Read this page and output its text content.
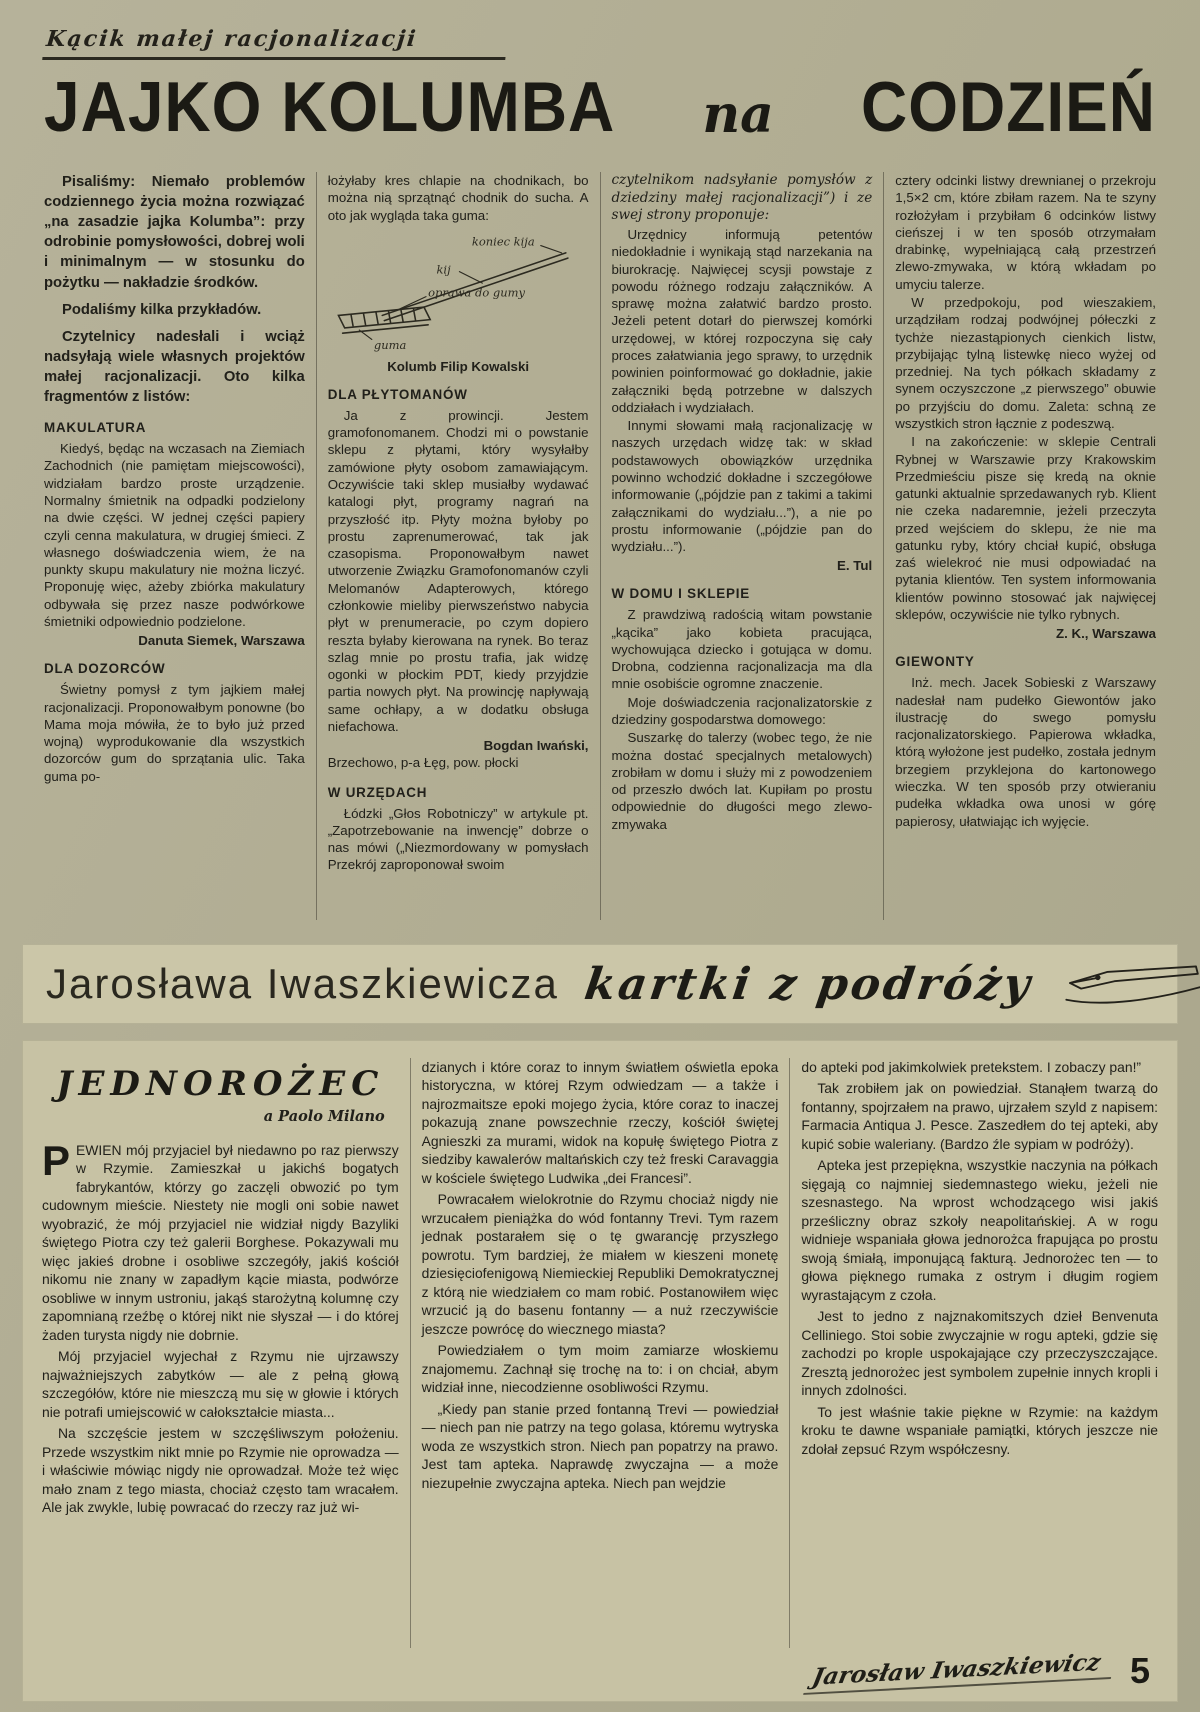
Kącik małej racjonalizacji
JAJKO KOLUMBA na CODZIEŃ

Pisaliśmy: Niemało problemów codziennego życia można rozwiązać „na zasadzie jajka Kolumba”: przy odrobinie pomysłowości, dobrej woli i minimalnym — w stosunku do pożytku — nakładzie środków.

Podaliśmy kilka przykładów.

Czytelnicy nadesłali i wciąż nadsyłają wiele własnych projektów małej racjonalizacji. Oto kilka fragmentów z listów:

MAKULATURA

Kiedyś, będąc na wczasach na Ziemiach Zachodnich (nie pamiętam miejscowości), widziałam bardzo proste urządzenie. Normalny śmietnik na odpadki podzielony na dwie części. W jednej części papiery czyli cenna makulatura, w drugiej śmieci. Z własnego doświadczenia wiem, że na punkty skupu makulatury nie można liczyć. Proponuję więc, ażeby zbiórka makulatury odbywała się przez nasze podwórkowe śmietniki odpowiednio podzielone.

Danuta Siemek, Warszawa

DLA DOZORCÓW

Świetny pomysł z tym jajkiem małej racjonalizacji. Proponowałbym ponowne (bo Mama moja mówiła, że to było już przed wojną) wyprodukowanie dla wszystkich dozorców gum do sprzątania ulic. Taka guma po-

łożyłaby kres chlapie na chodnikach, bo można nią sprzątnąć chodnik do sucha. A oto jak wygląda taka guma:

koniec kija
kij
oprawa do gumy
guma

Kolumb Filip Kowalski

DLA PŁYTOMANÓW

Ja z prowincji. Jestem gramofonomanem. Chodzi mi o powstanie sklepu z płytami, który wysyłałby zamówione płyty osobom zamawiającym. Oczywiście taki sklep musiałby wydawać katalogi płyt, programy nagrań na przyszłość itp. Płyty można byłoby po prostu zaprenumerować, tak jak czasopisma. Proponowałbym nawet utworzenie Związku Gramofonomanów czyli Melomanów Adapterowych, którego członkowie mieliby pierwszeństwo nabycia płyt w prenumeracie, po czym dopiero reszta byłaby kierowana na rynek. Bo teraz szlag mnie po prostu trafia, jak widzę ogonki w płockim PDT, kiedy przyjdzie partia nowych płyt. Na prowincję napływają same ochłapy, a w dodatku obsługa niefachowa.

Bogdan Iwański,

Brzechowo, p-a Łęg, pow. płocki

W URZĘDACH

Łódzki „Głos Robotniczy” w artykule pt. „Zapotrzebowanie na inwencję” dobrze o nas mówi („Niezmordowany w pomysłach Przekrój zaproponował swoim

czytelnikom nadsyłanie pomysłów z dziedziny małej racjonalizacji”) i ze swej strony proponuje:

Urzędnicy informują petentów niedokładnie i wynikają stąd narzekania na biurokrację. Najwięcej scysji powstaje z powodu różnego rodzaju załączników. A sprawę można załatwić bardzo prosto. Jeżeli petent dotarł do pierwszej komórki urzędowej, w której rozpoczyna się cały proces załatwiania jego sprawy, to urzędnik powinien poinformować go dokładnie, jakie załączniki będą potrzebne w dalszych oddziałach i wydziałach.

Innymi słowami małą racjonalizację w naszych urzędach widzę tak: w skład podstawowych obowiązków urzędnika powinno wchodzić dokładne i szczegółowe informowanie („pójdzie pan z takimi a takimi załącznikami do wydziału...”), a nie po prostu informowanie („pójdzie pan do wydziału...”).

E. Tul

W DOMU I SKLEPIE

Z prawdziwą radością witam powstanie „kącika” jako kobieta pracująca, wychowująca dziecko i gotująca w domu. Drobna, codzienna racjonalizacja ma dla mnie osobiście ogromne znaczenie.

Moje doświadczenia racjonalizatorskie z dziedziny gospodarstwa domowego:

Suszarkę do talerzy (wobec tego, że nie można dostać specjalnych metalowych) zrobiłam w domu i służy mi z powodzeniem od przeszło dwóch lat. Kupiłam po prostu odpowiednie do długości mego zlewo-zmywaka

cztery odcinki listwy drewnianej o przekroju 1,5×2 cm, które zbiłam razem. Na te szyny rozłożyłam i przybiłam 6 odcinków listwy cieńszej i w ten sposób otrzymałam drabinkę, wypełniającą całą przestrzeń zlewo-zmywaka, w którą wkładam po umyciu talerze.

W przedpokoju, pod wieszakiem, urządziłam rodzaj podwójnej półeczki z tychże niezastąpionych cienkich listw, przybijając tylną listewkę nieco wyżej od przedniej. Na tych półkach składamy z synem oczyszczone „z pierwszego” obuwie po przyjściu do domu. Zaleta: schną ze wszystkich stron łącznie z podeszwą.

I na zakończenie: w sklepie Centrali Rybnej w Warszawie przy Krakowskim Przedmieściu pisze się kredą na oknie gatunki aktualnie sprzedawanych ryb. Klient nie czeka nadaremnie, jeżeli przeczyta przed wejściem do sklepu, że nie ma gatunku ryby, który chciał kupić, obsługa zaś wielekroć nie musi odpowiadać na pytania klientów. Ten system informowania klientów powinno stosować jak najwięcej sklepów, oczywiście nie tylko rybnych.

Z. K., Warszawa

GIEWONTY

Inż. mech. Jacek Sobieski z Warszawy nadesłał nam pudełko Giewontów jako ilustrację do swego pomysłu racjonalizatorskiego. Papierowa wkładka, którą wyłożone jest pudełko, została jednym brzegiem przyklejona do kartonowego wieczka. W ten sposób przy otwieraniu pudełka wkładka owa unosi w górę papierosy, ułatwiając ich wyjęcie.

Jarosława Iwaszkiewicza kartki z podróży
JEDNOROŻEC

a Paolo Milano

PEWIEN mój przyjaciel był niedawno po raz pierwszy w Rzymie. Zamieszkał u jakichś bogatych fabrykantów, którzy go zaczęli obwozić po tym cudownym mieście. Niestety nie mogli oni sobie nawet wyobrazić, że mój przyjaciel nie widział nigdy Bazyliki świętego Piotra czy też galerii Borghese. Pokazywali mu więc jakieś drobne i osobliwe szczegóły, jakiś kościół nikomu nie znany w zapadłym kącie miasta, podwórze osobliwe w innym ustroniu, jakąś starożytną kolumnę czy zapomnianą rzeźbę o której nikt nie słyszał — i do której żaden turysta nigdy nie dobrnie.

Mój przyjaciel wyjechał z Rzymu nie ujrzawszy najważniejszych zabytków — ale z pełną głową szczegółów, które nie mieszczą mu się w głowie i których nie potrafi umiejscowić w całokształcie miasta...

Na szczęście jestem w szczęśliwszym położeniu. Przede wszystkim nikt mnie po Rzymie nie oprowadza — i właściwie mówiąc nigdy nie oprowadzał. Może też więc mało znam z tego miasta, chociaż często tam wracałem. Ale jak zwykle, lubię powracać do rzeczy raz już wi-

dzianych i które coraz to innym światłem oświetla epoka historyczna, w której Rzym odwiedzam — a także i najrozmaitsze epoki mojego życia, które coraz to inaczej pokazują znane powszechnie rzeczy, kościół świętej Agnieszki za murami, widok na kopułę świętego Piotra z siedziby kawalerów maltańskich czy też freski Caravaggia w kościele świętego Ludwika „dei Francesi”.

Powracałem wielokrotnie do Rzymu chociaż nigdy nie wrzucałem pieniążka do wód fontanny Trevi. Tym razem jednak postarałem się o tę gwarancję przyszłego powrotu. Tym bardziej, że miałem w kieszeni monetę dziesięciofenigową Niemieckiej Republiki Demokratycznej z którą nie wiedziałem co mam robić. Postanowiłem więc wrzucić ją do basenu fontanny — a nuż rzeczywiście jeszcze powrócę do wiecznego miasta?

Powiedziałem o tym moim zamiarze włoskiemu znajomemu. Zachnął się trochę na to: i on chciał, abym widział inne, niecodzienne osobliwości Rzymu.

„Kiedy pan stanie przed fontanną Trevi — powiedział — niech pan nie patrzy na tego golasa, któremu wytryska woda ze wszystkich stron. Niech pan popatrzy na prawo. Jest tam apteka. Naprawdę zwyczajna — a może niezupełnie zwyczajna apteka. Niech pan wejdzie

do apteki pod jakimkolwiek pretekstem. I zobaczy pan!”

Tak zrobiłem jak on powiedział. Stanąłem twarzą do fontanny, spojrzałem na prawo, ujrzałem szyld z napisem: Farmacia Antiqua J. Pesce. Zaszedłem do tej apteki, aby kupić sobie waleriany. (Bardzo źle sypiam w podróży).

Apteka jest przepiękna, wszystkie naczynia na półkach sięgają co najmniej siedemnastego wieku, jeżeli nie szesnastego. Na wprost wchodzącego wisi jakiś prześliczny obraz szkoły neapolitańskiej. A w rogu widnieje wspaniała głowa jednorożca frapująca po prostu swoją śmiałą, imponującą fakturą. Jednorożec ten — to głowa pięknego rumaka z ostrym i długim rogiem wyrastającym z czoła.

Jest to jedno z najznakomitszych dzieł Benvenuta Celliniego. Stoi sobie zwyczajnie w rogu apteki, gdzie się zachodzi po krople uspokajające czy przeczyszczające. Zresztą jednorożec jest symbolem zupełnie innych kropli i innych zdolności.

To jest właśnie takie piękne w Rzymie: na każdym kroku te dawne wspaniałe pamiątki, których jeszcze nie zdołał zepsuć Rzym współczesny.

Jarosław Iwaszkiewicz 5
